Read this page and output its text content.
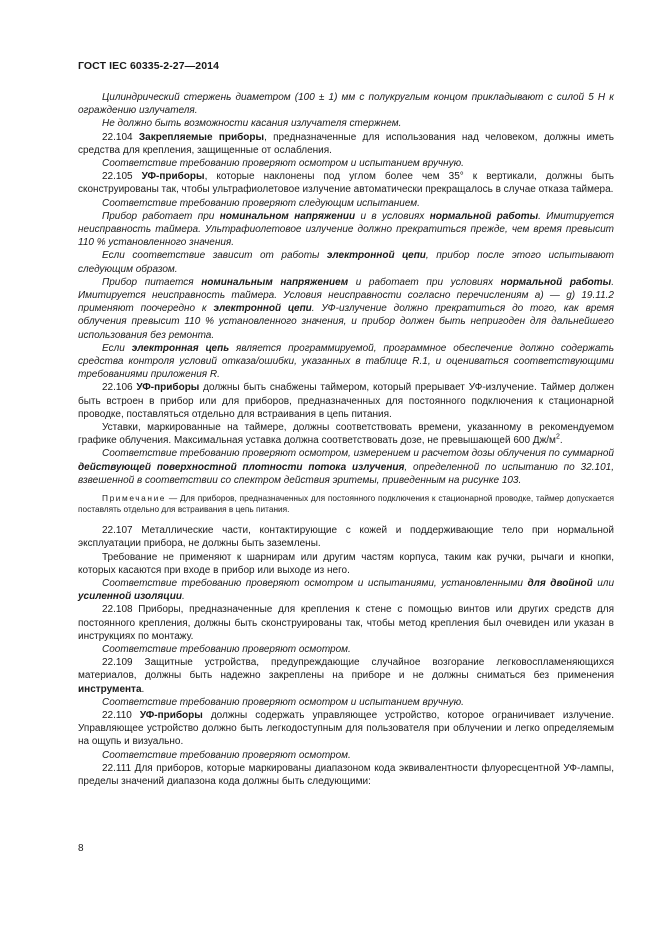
ГОСТ IEC 60335-2-27—2014

Цилиндрический стержень диаметром (100 ± 1) мм с полукруглым концом прикладывают с силой 5 Н к ограждению излучателя.

Не должно быть возможности касания излучателя стержнем.

22.104 Закрепляемые приборы, предназначенные для использования над человеком, должны иметь средства для крепления, защищенные от ослабления.

Соответствие требованию проверяют осмотром и испытанием вручную.

22.105 УФ-приборы, которые наклонены под углом более чем 35° к вертикали, должны быть сконструированы так, чтобы ультрафиолетовое излучение автоматически прекращалось в случае отказа таймера.

Соответствие требованию проверяют следующим испытанием.

Прибор работает при номинальном напряжении и в условиях нормальной работы. Имитируется неисправность таймера. Ультрафиолетовое излучение должно прекратиться прежде, чем время превысит 110 % установленного значения.

Если соответствие зависит от работы электронной цепи, прибор после этого испытывают следующим образом.

Прибор питается номинальным напряжением и работает при условиях нормальной работы. Имитируется неисправность таймера. Условия неисправности согласно перечислениям a) — g) 19.11.2 применяют поочередно к электронной цепи. УФ-излучение должно прекратиться до того, как время облучения превысит 110 % установленного значения, и прибор должен быть непригоден для дальнейшего использования без ремонта.

Если электронная цепь является программируемой, программное обеспечение должно содержать средства контроля условий отказа/ошибки, указанных в таблице R.1, и оцениваться соответствующими требованиями приложения R.

22.106 УФ-приборы должны быть снабжены таймером, который прерывает УФ-излучение. Таймер должен быть встроен в прибор или для приборов, предназначенных для постоянного подключения к стационарной проводке, поставляться отдельно для встраивания в цепь питания.

Уставки, маркированные на таймере, должны соответствовать времени, указанному в рекомендуемом графике облучения. Максимальная уставка должна соответствовать дозе, не превышающей 600 $Дж/м^2$.

Соответствие требованию проверяют осмотром, измерением и расчетом дозы облучения по суммарной действующей поверхностной плотности потока излучения, определенной по испытанию по 32.101, взвешенной в соответствии со спектром действия эритемы, приведенным на рисунке 103.

Примечание — Для приборов, предназначенных для постоянного подключения к стационарной проводке, таймер допускается поставлять отдельно для встраивания в цепь питания.

22.107 Металлические части, контактирующие с кожей и поддерживающие тело при нормальной эксплуатации прибора, не должны быть заземлены.

Требование не применяют к шарнирам или другим частям корпуса, таким как ручки, рычаги и кнопки, которых касаются при входе в прибор или выходе из него.

Соответствие требованию проверяют осмотром и испытаниями, установленными для двойной или усиленной изоляции.

22.108 Приборы, предназначенные для крепления к стене с помощью винтов или других средств для постоянного крепления, должны быть сконструированы так, чтобы метод крепления был очевиден или указан в инструкциях по монтажу.

Соответствие требованию проверяют осмотром.

22.109 Защитные устройства, предупреждающие случайное возгорание легковоспламеняющихся материалов, должны быть надежно закреплены на приборе и не должны сниматься без применения инструмента.

Соответствие требованию проверяют осмотром и испытанием вручную.

22.110 УФ-приборы должны содержать управляющее устройство, которое ограничивает излучение. Управляющее устройство должно быть легкодоступным для пользователя при облучении и легко определяемым на ощупь и визуально.

Соответствие требованию проверяют осмотром.

22.111 Для приборов, которые маркированы диапазоном кода эквивалентности флуоресцентной УФ-лампы, пределы значений диапазона кода должны быть следующими:

8
